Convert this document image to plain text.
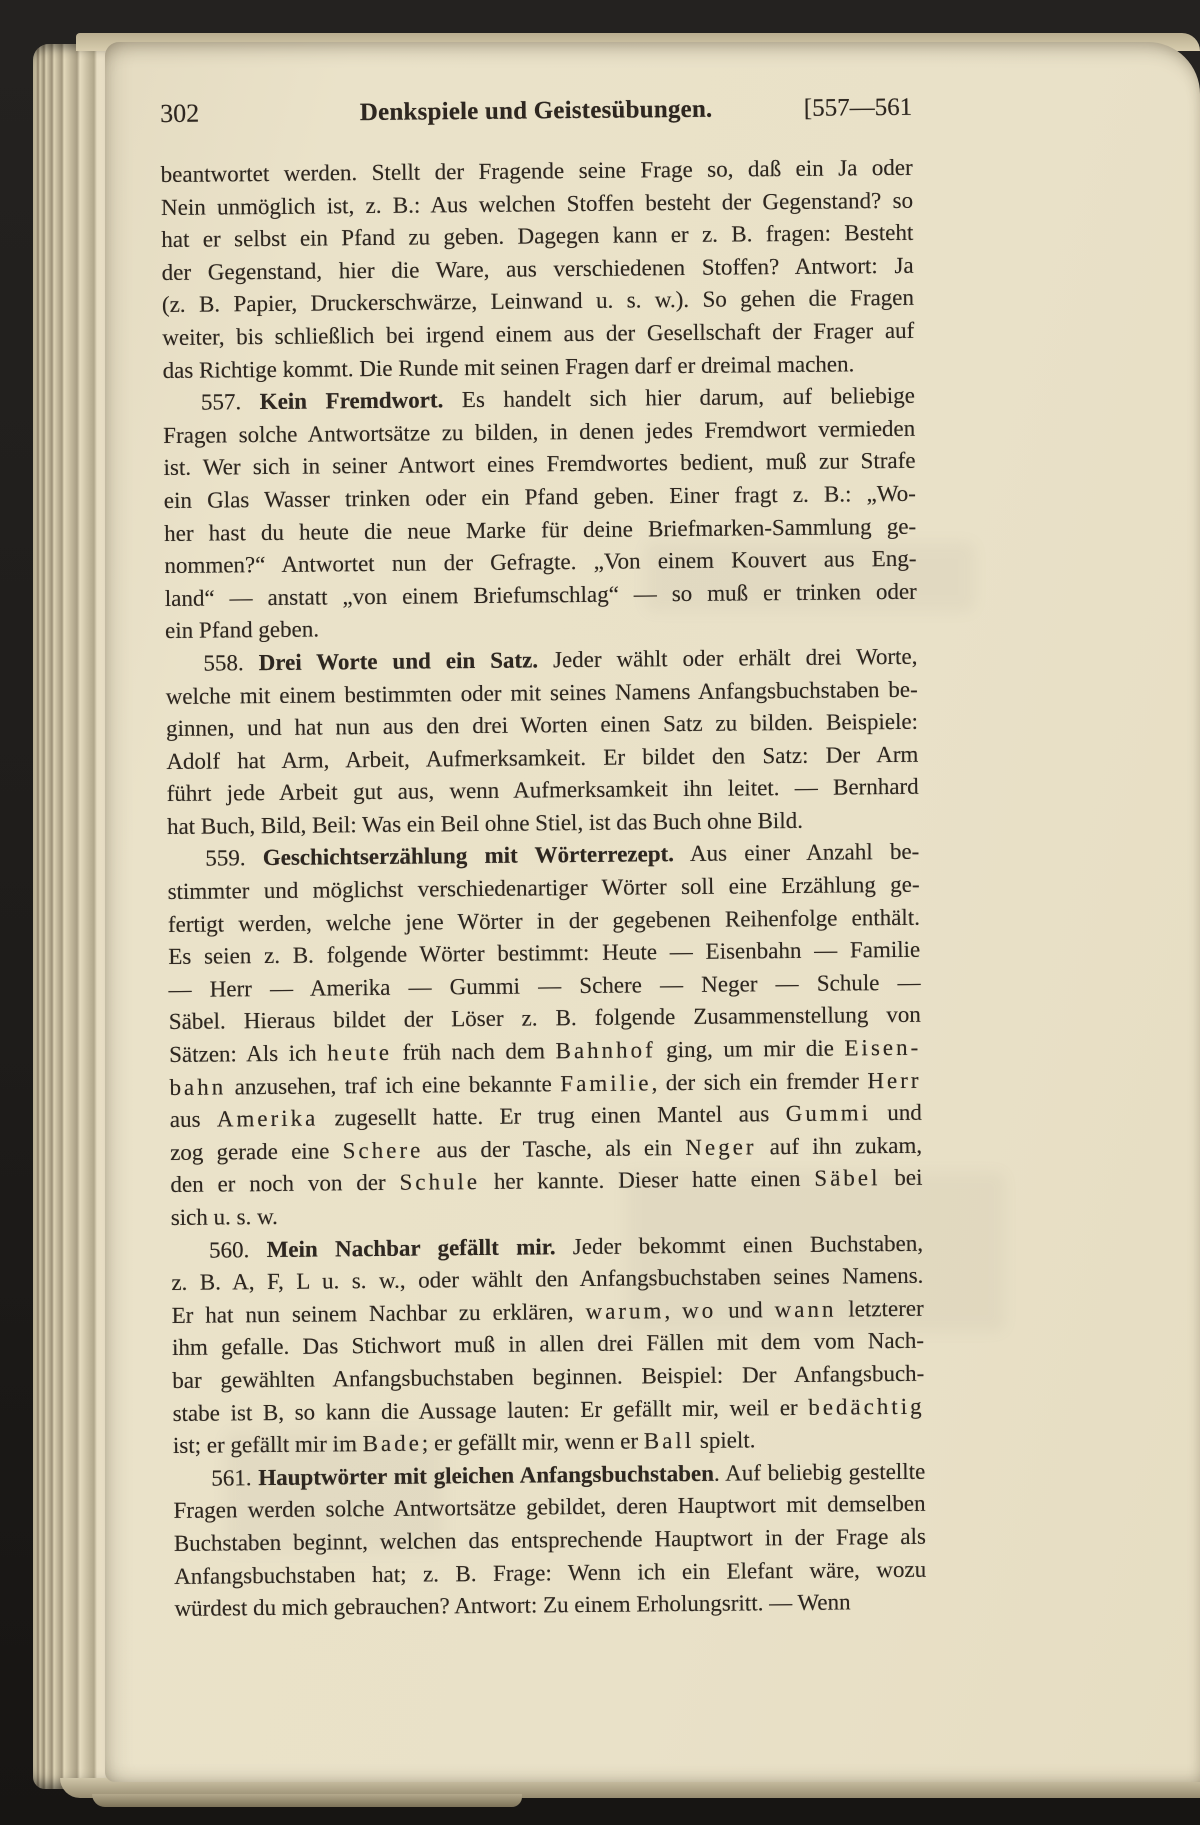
302	Denkspiele und Geistesübungen.	[557—561
beantwortet werden. Stellt der Fragende seine Frage so, daß ein Ja oder
Nein unmöglich ist, z. B.: Aus welchen Stoffen besteht der Gegenstand? so
hat er selbst ein Pfand zu geben. Dagegen kann er z. B. fragen: Besteht
der Gegenstand, hier die Ware, aus verschiedenen Stoffen? Antwort: Ja
(z. B. Papier, Druckerschwärze, Leinwand u. s. w.). So gehen die Fragen
weiter, bis schließlich bei irgend einem aus der Gesellschaft der Frager auf
das Richtige kommt. Die Runde mit seinen Fragen darf er dreimal machen.
557. Kein Fremdwort. Es handelt sich hier darum, auf beliebige
Fragen solche Antwortsätze zu bilden, in denen jedes Fremdwort vermieden
ist. Wer sich in seiner Antwort eines Fremdwortes bedient, muß zur Strafe
ein Glas Wasser trinken oder ein Pfand geben. Einer fragt z. B.: „Wo-
her hast du heute die neue Marke für deine Briefmarken-Sammlung ge-
nommen?“ Antwortet nun der Gefragte. „Von einem Kouvert aus Eng-
land“ — anstatt „von einem Briefumschlag“ — so muß er trinken oder
ein Pfand geben.
558. Drei Worte und ein Satz. Jeder wählt oder erhält drei Worte,
welche mit einem bestimmten oder mit seines Namens Anfangsbuchstaben be-
ginnen, und hat nun aus den drei Worten einen Satz zu bilden. Beispiele:
Adolf hat Arm, Arbeit, Aufmerksamkeit. Er bildet den Satz: Der Arm
führt jede Arbeit gut aus, wenn Aufmerksamkeit ihn leitet. — Bernhard
hat Buch, Bild, Beil: Was ein Beil ohne Stiel, ist das Buch ohne Bild.
559. Geschichtserzählung mit Wörterrezept. Aus einer Anzahl be-
stimmter und möglichst verschiedenartiger Wörter soll eine Erzählung ge-
fertigt werden, welche jene Wörter in der gegebenen Reihenfolge enthält.
Es seien z. B. folgende Wörter bestimmt: Heute — Eisenbahn — Familie
— Herr — Amerika — Gummi — Schere — Neger — Schule —
Säbel. Hieraus bildet der Löser z. B. folgende Zusammenstellung von
Sätzen: Als ich heute früh nach dem Bahnhof ging, um mir die Eisen-
bahn anzusehen, traf ich eine bekannte Familie, der sich ein fremder Herr
aus Amerika zugesellt hatte. Er trug einen Mantel aus Gummi und
zog gerade eine Schere aus der Tasche, als ein Neger auf ihn zukam,
den er noch von der Schule her kannte. Dieser hatte einen Säbel bei
sich u. s. w.
560. Mein Nachbar gefällt mir. Jeder bekommt einen Buchstaben,
z. B. A, F, L u. s. w., oder wählt den Anfangsbuchstaben seines Namens.
Er hat nun seinem Nachbar zu erklären, warum, wo und wann letzterer
ihm gefalle. Das Stichwort muß in allen drei Fällen mit dem vom Nach-
bar gewählten Anfangsbuchstaben beginnen. Beispiel: Der Anfangsbuch-
stabe ist B, so kann die Aussage lauten: Er gefällt mir, weil er bedächtig
ist; er gefällt mir im Bade; er gefällt mir, wenn er Ball spielt.
561. Hauptwörter mit gleichen Anfangsbuchstaben. Auf beliebig gestellte
Fragen werden solche Antwortsätze gebildet, deren Hauptwort mit demselben
Buchstaben beginnt, welchen das entsprechende Hauptwort in der Frage als
Anfangsbuchstaben hat; z. B. Frage: Wenn ich ein Elefant wäre, wozu
würdest du mich gebrauchen? Antwort: Zu einem Erholungsritt. — Wenn
